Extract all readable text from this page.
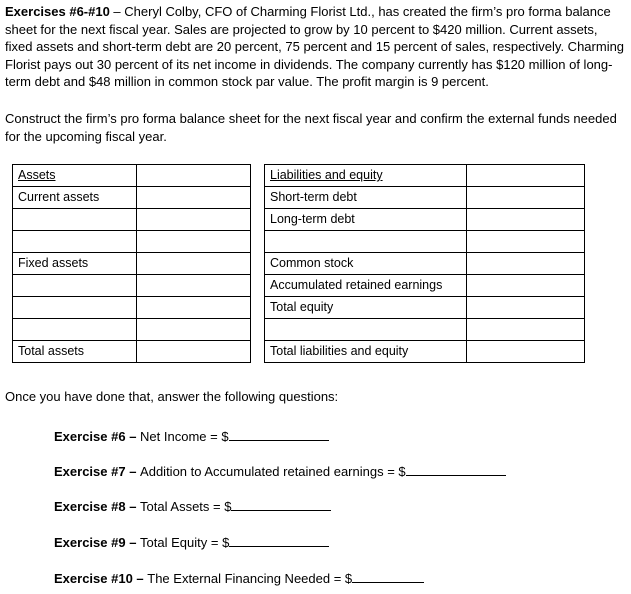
Exercises #6-#10 – Cheryl Colby, CFO of Charming Florist Ltd., has created the firm’s pro forma balance sheet for the next fiscal year. Sales are projected to grow by 10 percent to $420 million. Current assets, fixed assets and short-term debt are 20 percent, 75 percent and 15 percent of sales, respectively. Charming Florist pays out 30 percent of its net income in dividends. The company currently has $120 million of long-term debt and $48 million in common stock par value. The profit margin is 9 percent.

Construct the firm’s pro forma balance sheet for the next fiscal year and confirm the external funds needed for the upcoming fiscal year.

Assets			Liabilities and equity	
Current assets			Short-term debt	
			Long-term debt	

Fixed assets			Common stock	
			Accumulated retained earnings	
			Total equity	

Total assets			Total liabilities and equity	

Once you have done that, answer the following questions:

Exercise #6 – Net Income = $

Exercise #7 – Addition to Accumulated retained earnings = $

Exercise #8 – Total Assets = $

Exercise #9 – Total Equity = $

Exercise #10 – The External Financing Needed = $
